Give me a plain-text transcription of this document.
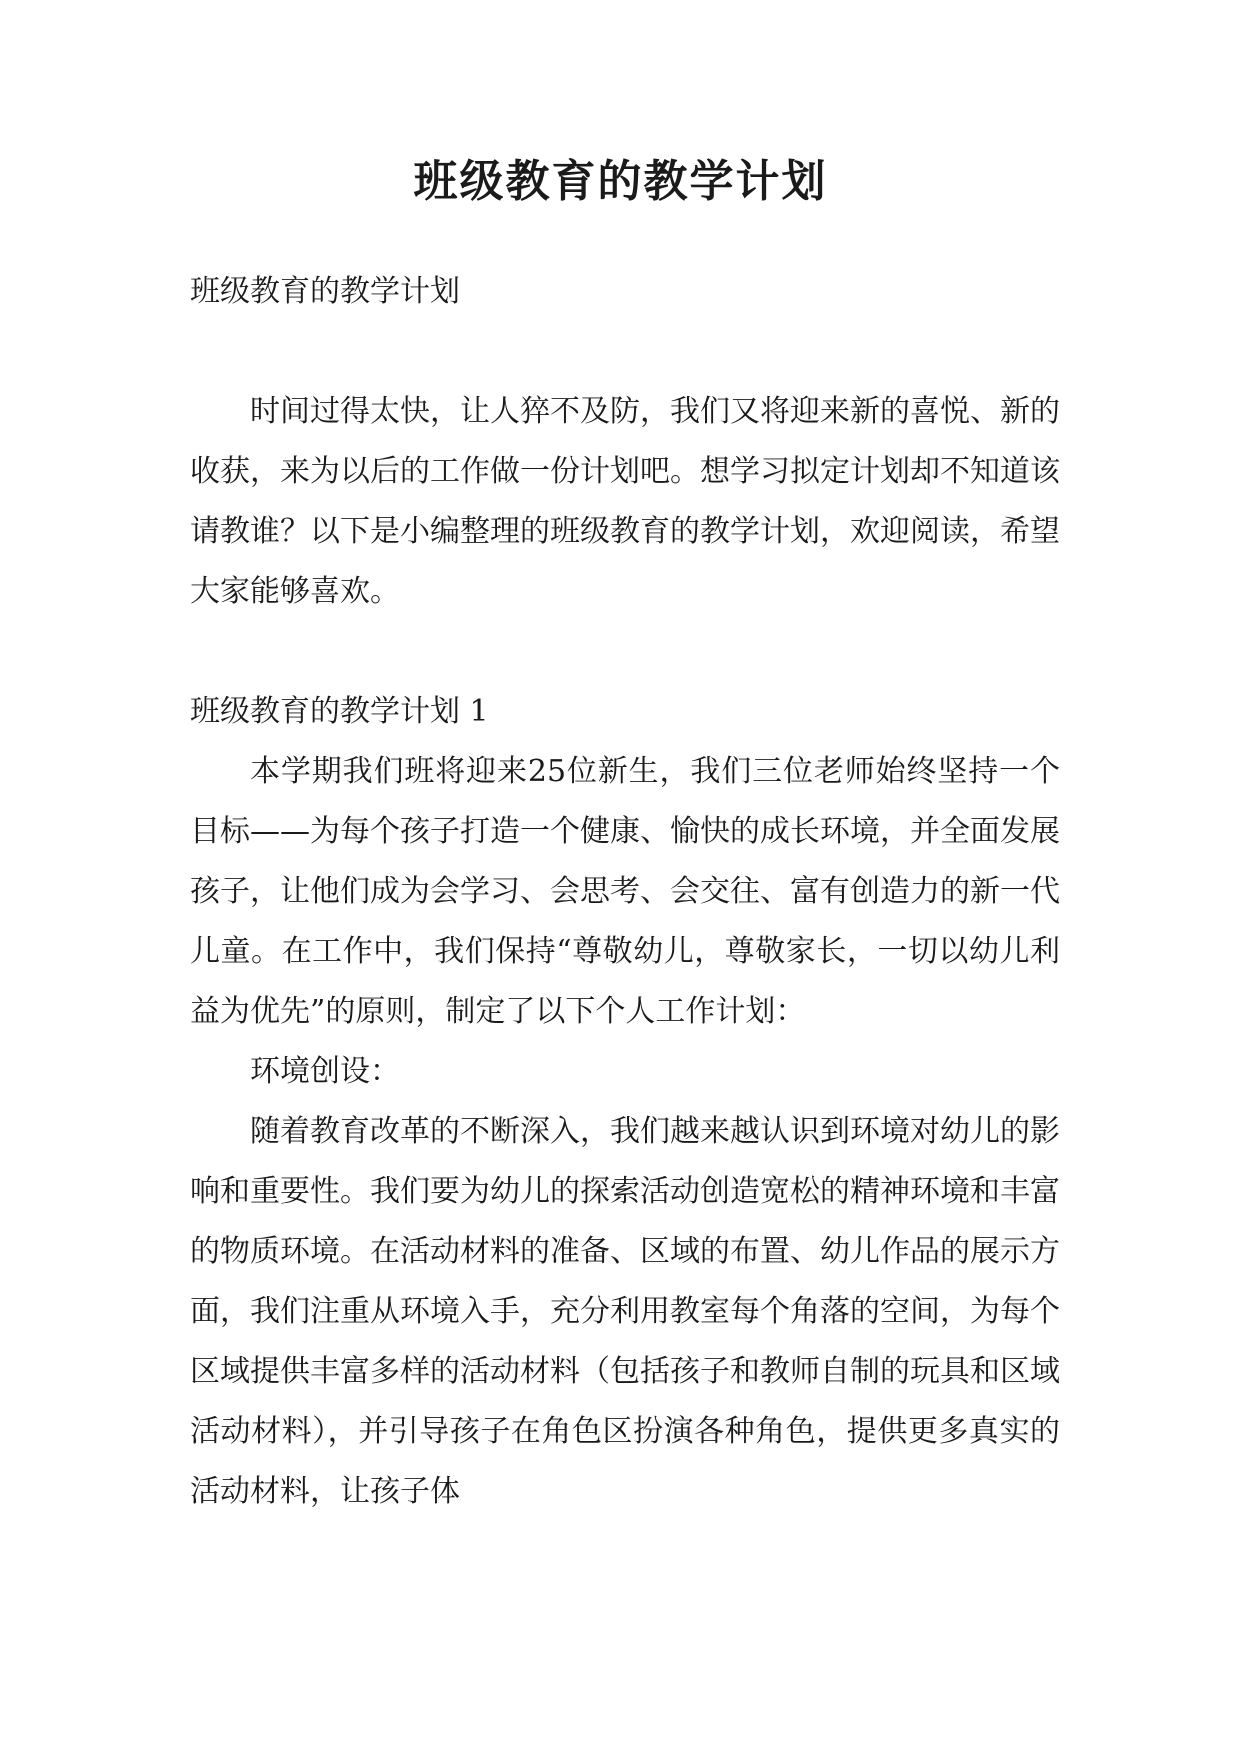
班级教育的教学计划

班级教育的教学计划

时间过得太快，让人猝不及防，我们又将迎来新的喜悦、新的收获，来为以后的工作做一份计划吧。想学习拟定计划却不知道该请教谁？以下是小编整理的班级教育的教学计划，欢迎阅读，希望大家能够喜欢。

班级教育的教学计划 1

本学期我们班将迎来25位新生，我们三位老师始终坚持一个目标——为每个孩子打造一个健康、愉快的成长环境，并全面发展孩子，让他们成为会学习、会思考、会交往、富有创造力的新一代儿童。在工作中，我们保持“尊敬幼儿，尊敬家长，一切以幼儿利益为优先”的原则，制定了以下个人工作计划：

环境创设：

随着教育改革的不断深入，我们越来越认识到环境对幼儿的影响和重要性。我们要为幼儿的探索活动创造宽松的精神环境和丰富的物质环境。在活动材料的准备、区域的布置、幼儿作品的展示方面，我们注重从环境入手，充分利用教室每个角落的空间，为每个区域提供丰富多样的活动材料（包括孩子和教师自制的玩具和区域活动材料），并引导孩子在角色区扮演各种角色，提供更多真实的活动材料，让孩子体
